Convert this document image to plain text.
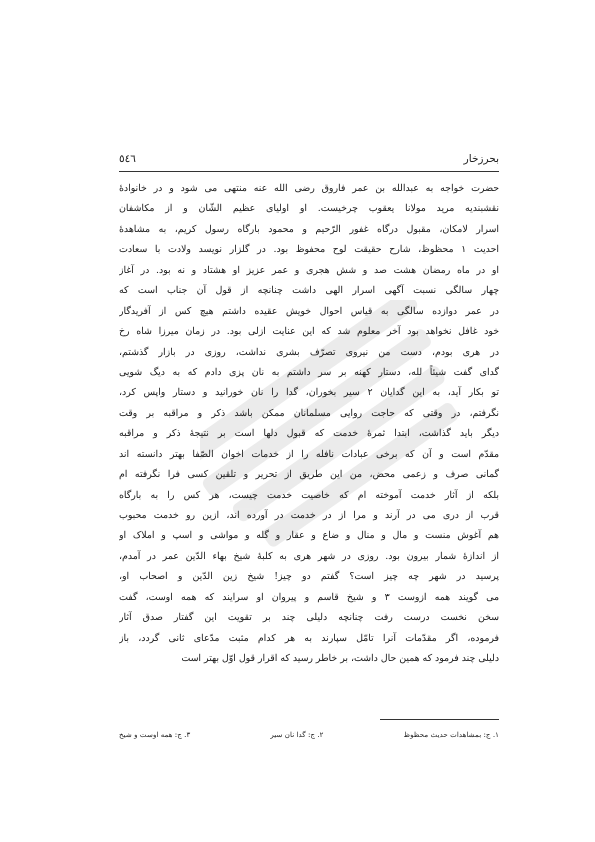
بحرزخار
٥٤٦
حضرت خواجه به عبدالله بن عمر فاروق رضی الله عنه منتهی می شود و در خانوادهٔ
نقشبندیه مرید مولانا یعقوب چرخیست. او اولیای عظیم الشّان و از مکاشفان
اسرار لامکان، مقبول درگاه غفور الرّحیم و محمود بارگاه رسول کریم، به مشاهدهٔ
احدیت ۱ محظوظ، شارح حقیقت لوح محفوظ بود. در گلزار نویسد ولادت با سعادت
او در ماه رمضان هشت صد و شش هجری و عمر عزیز او هشتاد و نه بود. در آغاز
چهار سالگی نسبت آگهی اسرار الهی داشت چنانچه از قول آن جناب است که
در عمر دوازده سالگی به قیاس احوال خویش عقیده داشتم هیچ کس از آفریدگار
خود غافل نخواهد بود آخر معلوم شد که این عنایت ازلی بود. در زمان میرزا شاه رخ
در هری بودم، دست من نیروی تصرّف بشری نداشت، روزی در بازار گذشتم،
گدای گفت شیئاً لله، دستار کهنه بر سر داشتم به نان پزی دادم که به دیگ شویی
تو بکار آید، به این گدایان ۲ سیر بخوران، گدا را نان خورانید و دستار واپس کرد،
نگرفتم، در وقتی که حاجت روایی مسلمانان ممکن باشد ذکر و مراقبه بر وقت
دیگر باید گذاشت، ابتدا ثمرهٔ خدمت که قبول دلها است بر نتیجهٔ ذکر و مراقبه
مقدّم است و آن که برخی عبادات نافله را از خدمات اخوان الصّفا بهتر دانسته اند
گمانی صرف و زعمی محض، من این طریق از تحریر و تلقین کسی فرا نگرفته ام
بلکه از آثار خدمت آموخته ام که خاصیت خدمت چیست، هر کس را به بارگاه
قرب از دری می در آرند و مرا از در خدمت در آورده اند، ازین رو خدمت محبوب
هم آغوش منست و مال و منال و ضاع و عقار و گله و مواشی و اسپ و املاک او
از اندازهٔ شمار بیرون بود. روزی در شهر هری به کلبهٔ شیخ بهاء الدّین عمر در آمدم،
پرسید در شهر چه چیز است؟ گفتم دو چیز! شیخ زین الدّین و اصحاب او،
می گویند همه ازوست ۳ و شیخ قاسم و پیروان او سرایند که همه اوست، گفت
سخن نخست درست رفت چنانچه دلیلی چند بر تقویت این گفتار صدق آثار
فرموده، اگر مقدّمات آنرا تامّل سپارند به هر کدام مثبت مدّعای ثانی گردد، باز
دلیلی چند فرمود که همین حال داشت، بر خاطر رسید که اقرار قول اوّل بهتر است
۱. ج: بمشاهدات حدیث محظوظ
۲. ج: گدا نان سیر
۳. ج: همه اوست و شیخ
